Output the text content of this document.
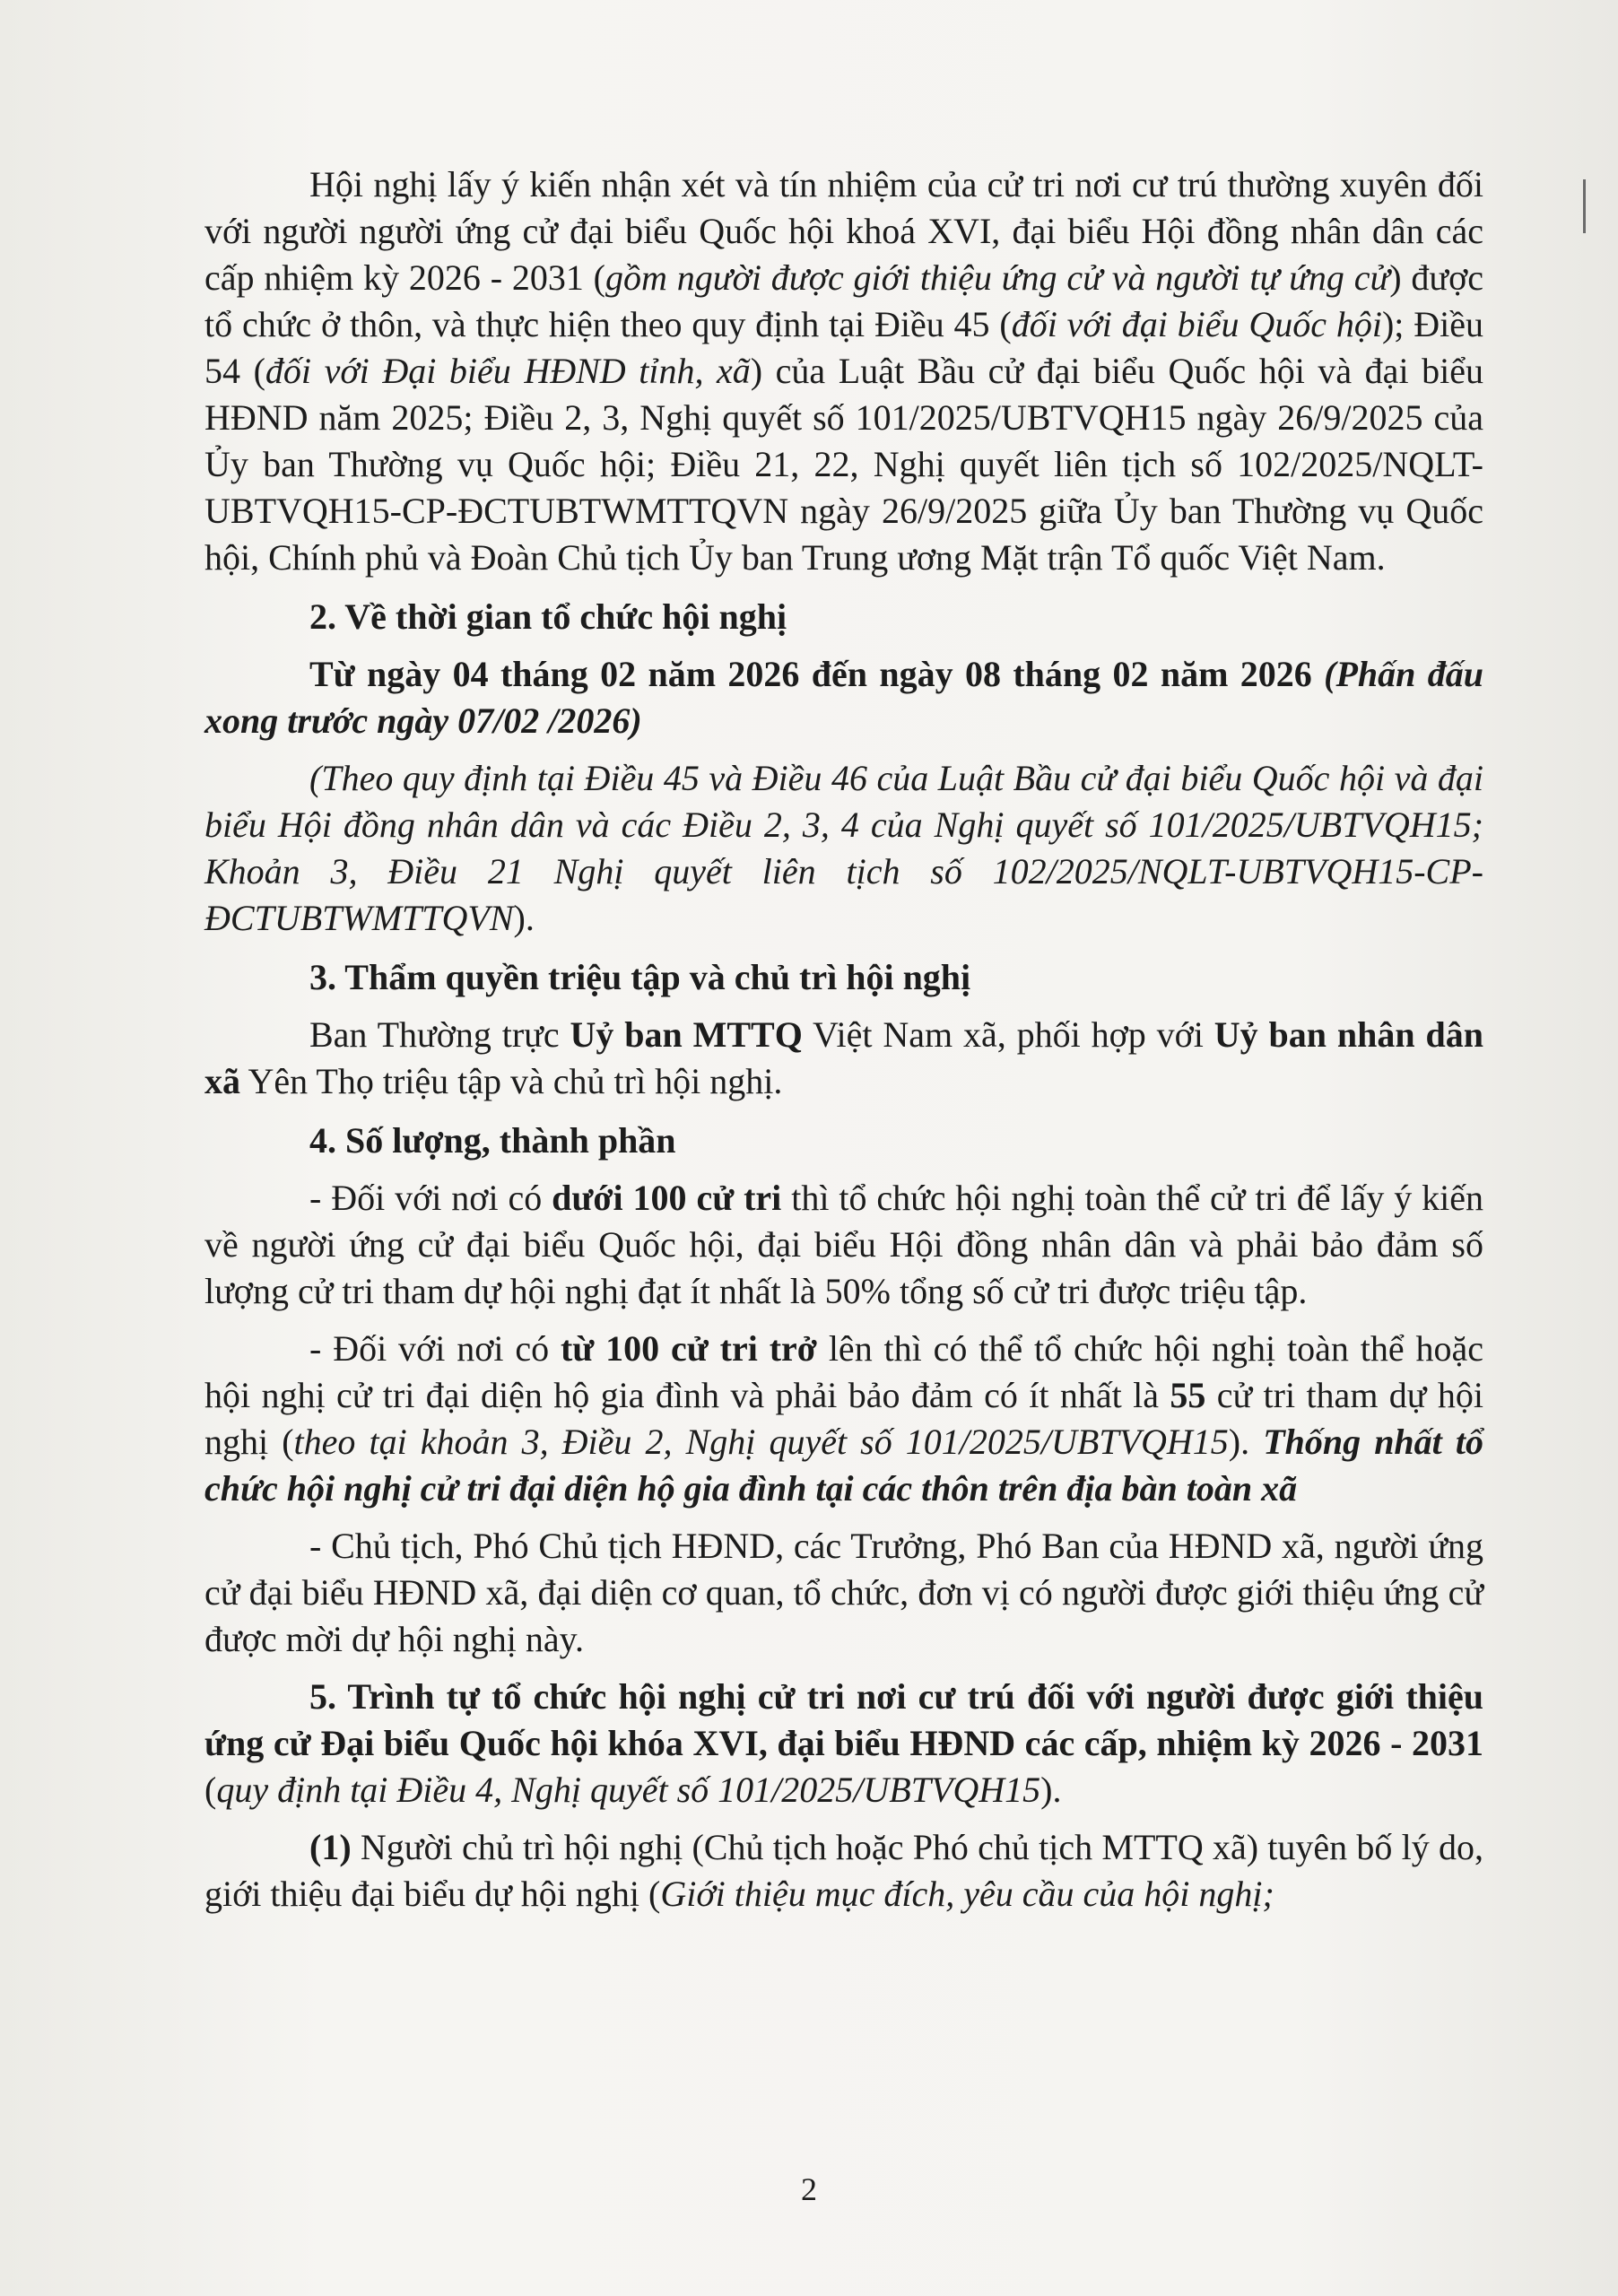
Hội nghị lấy ý kiến nhận xét và tín nhiệm của cử tri nơi cư trú thường xuyên đối với người người ứng cử đại biểu Quốc hội khoá XVI, đại biểu Hội đồng nhân dân các cấp nhiệm kỳ 2026 - 2031 (gồm người được giới thiệu ứng cử và người tự ứng cử) được tổ chức ở thôn, và thực hiện theo quy định tại Điều 45 (đối với đại biểu Quốc hội); Điều 54 (đối với Đại biểu HĐND tỉnh, xã) của Luật Bầu cử đại biểu Quốc hội và đại biểu HĐND năm 2025; Điều 2, 3, Nghị quyết số 101/2025/UBTVQH15 ngày 26/9/2025 của Ủy ban Thường vụ Quốc hội; Điều 21, 22, Nghị quyết liên tịch số 102/2025/NQLT-UBTVQH15-CP-ĐCTUBTWMTTQVN ngày 26/9/2025 giữa Ủy ban Thường vụ Quốc hội, Chính phủ và Đoàn Chủ tịch Ủy ban Trung ương Mặt trận Tổ quốc Việt Nam.

2. Về thời gian tổ chức hội nghị

Từ ngày 04 tháng 02 năm 2026 đến ngày 08 tháng 02 năm 2026 (Phấn đấu xong trước ngày 07/02 /2026)

(Theo quy định tại Điều 45 và Điều 46 của Luật Bầu cử đại biểu Quốc hội và đại biểu Hội đồng nhân dân và các Điều 2, 3, 4 của Nghị quyết số 101/2025/UBTVQH15; Khoản 3, Điều 21 Nghị quyết liên tịch số 102/2025/NQLT-UBTVQH15-CP-ĐCTUBTWMTTQVN).

3. Thẩm quyền triệu tập và chủ trì hội nghị

Ban Thường trực Uỷ ban MTTQ Việt Nam xã, phối hợp với Uỷ ban nhân dân xã Yên Thọ triệu tập và chủ trì hội nghị.

4. Số lượng, thành phần

- Đối với nơi có dưới 100 cử tri thì tổ chức hội nghị toàn thể cử tri để lấy ý kiến về người ứng cử đại biểu Quốc hội, đại biểu Hội đồng nhân dân và phải bảo đảm số lượng cử tri tham dự hội nghị đạt ít nhất là 50% tổng số cử tri được triệu tập.

- Đối với nơi có từ 100 cử tri trở lên thì có thể tổ chức hội nghị toàn thể hoặc hội nghị cử tri đại diện hộ gia đình và phải bảo đảm có ít nhất là 55 cử tri tham dự hội nghị (theo tại khoản 3, Điều 2, Nghị quyết số 101/2025/UBTVQH15). Thống nhất tổ chức hội nghị cử tri đại diện hộ gia đình tại các thôn trên địa bàn toàn xã

- Chủ tịch, Phó Chủ tịch HĐND, các Trưởng, Phó Ban của HĐND xã, người ứng cử đại biểu HĐND xã, đại diện cơ quan, tổ chức, đơn vị có người được giới thiệu ứng cử được mời dự hội nghị này.

5. Trình tự tổ chức hội nghị cử tri nơi cư trú đối với người được giới thiệu ứng cử Đại biểu Quốc hội khóa XVI, đại biểu HĐND các cấp, nhiệm kỳ 2026 - 2031 (quy định tại Điều 4, Nghị quyết số 101/2025/UBTVQH15).

(1) Người chủ trì hội nghị (Chủ tịch hoặc Phó chủ tịch MTTQ xã) tuyên bố lý do, giới thiệu đại biểu dự hội nghị (Giới thiệu mục đích, yêu cầu của hội nghị;

2
